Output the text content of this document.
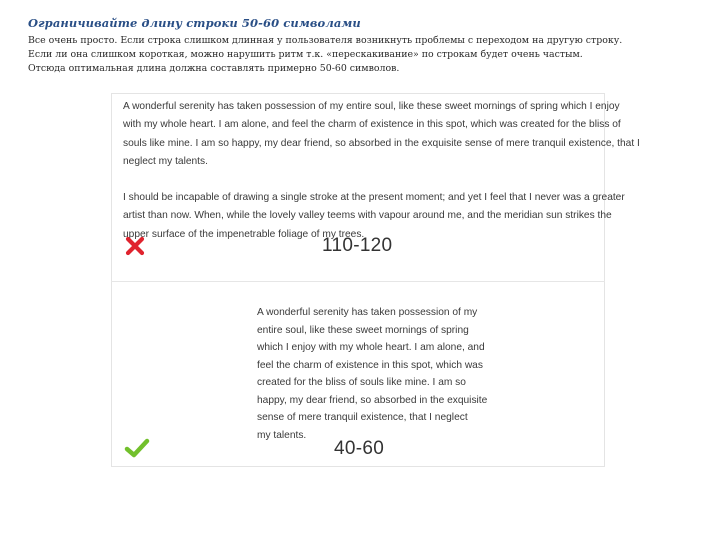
Ограничивайте длину строки 50-60 символами
Все очень просто. Если строка слишком длинная у пользователя возникнуть проблемы с переходом на другую строку.
Если ли она слишком короткая, можно нарушить ритм т.к. «перескакивание» по строкам будет очень частым.
Отсюда оптимальная длина должна составлять примерно 50-60 символов.
A wonderful serenity has taken possession of my entire soul, like these sweet mornings of spring which I enjoy
with my whole heart. I am alone, and feel the charm of existence in this spot, which was created for the bliss of
souls like mine. I am so happy, my dear friend, so absorbed in the exquisite sense of mere tranquil existence, that I
neglect my talents.
I should be incapable of drawing a single stroke at the present moment; and yet I feel that I never was a greater
artist than now. When, while the lovely valley teems with vapour around me, and the meridian sun strikes the
upper surface of the impenetrable foliage of my trees.
110-120
A wonderful serenity has taken possession of my
entire soul, like these sweet mornings of spring
which I enjoy with my whole heart. I am alone, and
feel the charm of existence in this spot, which was
created for the bliss of souls like mine. I am so
happy, my dear friend, so absorbed in the exquisite
sense of mere tranquil existence, that I neglect
my talents.
40-60
